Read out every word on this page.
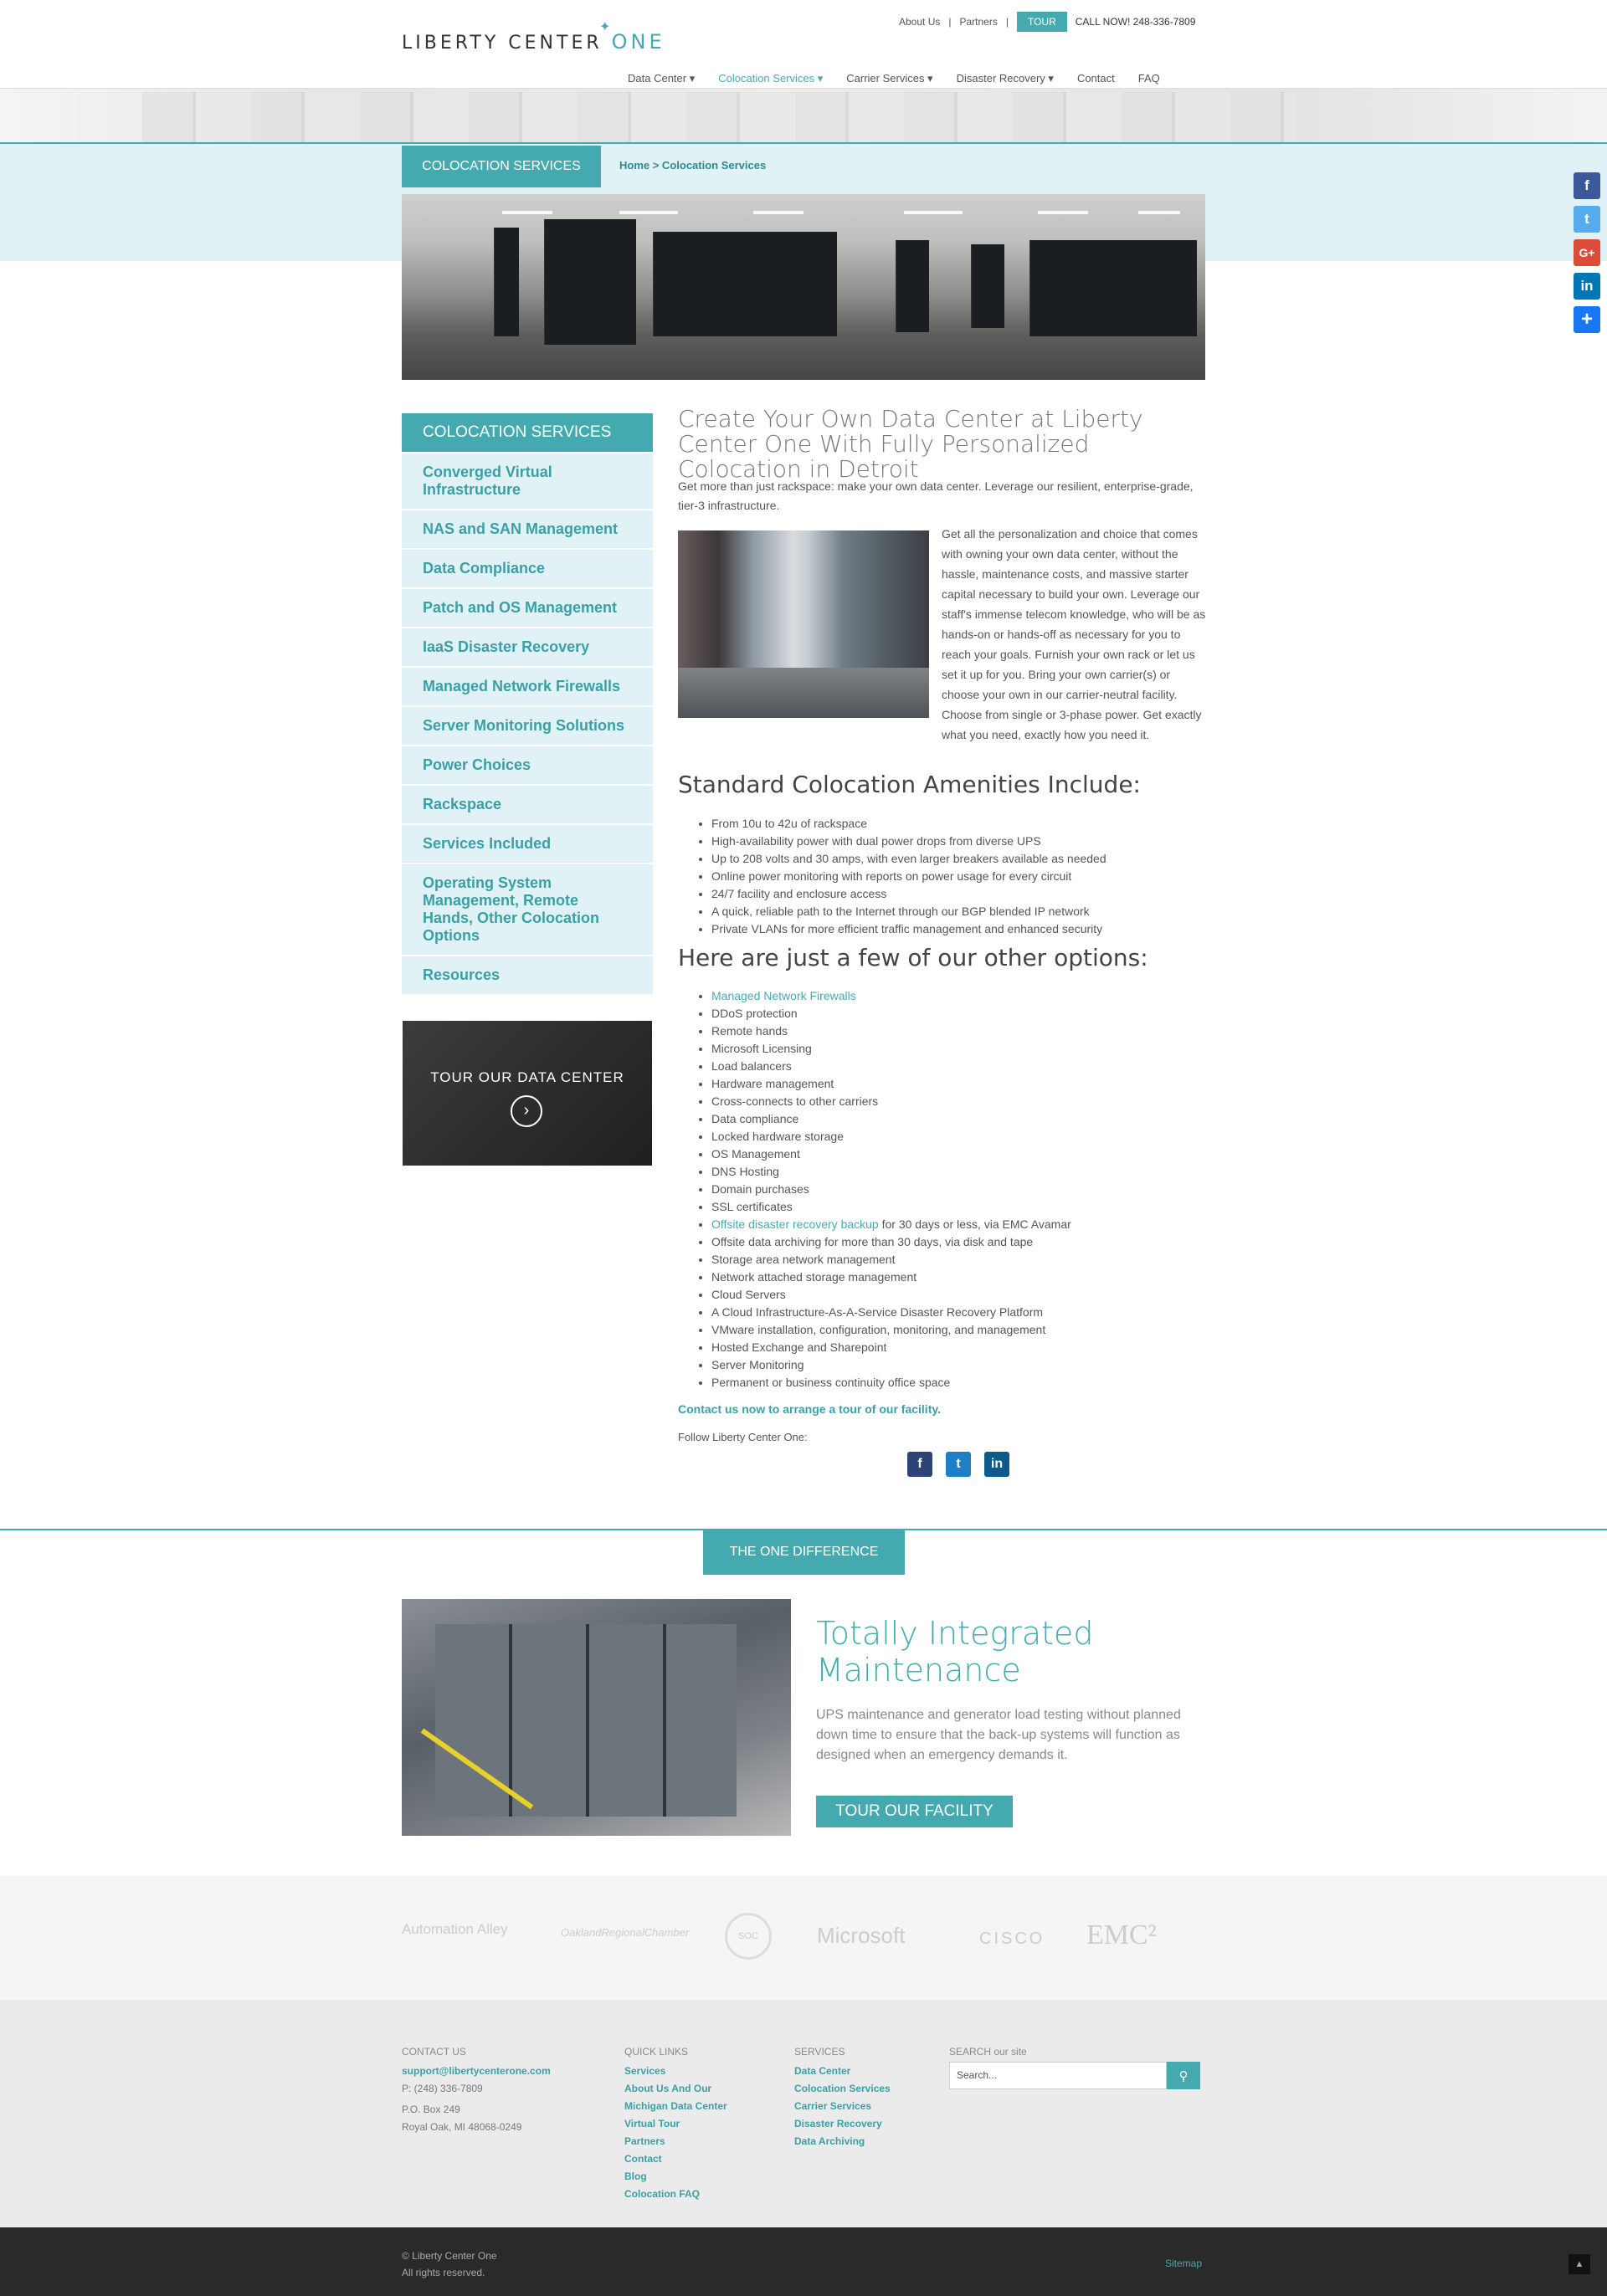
LIBERTY CENTER ONE
✦	About Us | Partners |	TOUR	CALL NOW! 248-336-7809
Data Center ▾ Colocation Services ▾ Carrier Services ▾ Disaster Recovery ▾ Contact FAQ
COLOCATION SERVICES	Home > Colocation Services
COLOCATION SERVICES
Converged Virtual Infrastructure
NAS and SAN Management
Data Compliance
Patch and OS Management
IaaS Disaster Recovery
Managed Network Firewalls
Server Monitoring Solutions
Power Choices
Rackspace
Services Included
Operating System Management, Remote Hands, Other Colocation Options
Resources
TOUR OUR DATA CENTER
›
Create Your Own Data Center at Liberty Center One With Fully Personalized Colocation in Detroit
Get more than just rackspace: make your own data center. Leverage our resilient, enterprise-grade, tier-3 infrastructure.
Get all the personalization and choice that comes with owning your own data center, without the hassle, maintenance costs, and massive starter capital necessary to build your own. Leverage our staff's immense telecom knowledge, who will be as hands-on or hands-off as necessary for you to reach your goals. Furnish your own rack or let us set it up for you. Bring your own carrier(s) or choose your own in our carrier-neutral facility. Choose from single or 3-phase power. Get exactly what you need, exactly how you need it.
Standard Colocation Amenities Include:
• From 10u to 42u of rackspace
• High-availability power with dual power drops from diverse UPS
• Up to 208 volts and 30 amps, with even larger breakers available as needed
• Online power monitoring with reports on power usage for every circuit
• 24/7 facility and enclosure access
• A quick, reliable path to the Internet through our BGP blended IP network
• Private VLANs for more efficient traffic management and enhanced security
Here are just a few of our other options:
• Managed Network Firewalls
• DDoS protection
• Remote hands
• Microsoft Licensing
• Load balancers
• Hardware management
• Cross-connects to other carriers
• Data compliance
• Locked hardware storage
• OS Management
• DNS Hosting
• Domain purchases
• SSL certificates
• Offsite disaster recovery backup for 30 days or less, via EMC Avamar
• Offsite data archiving for more than 30 days, via disk and tape
• Storage area network management
• Network attached storage management
• Cloud Servers
• A Cloud Infrastructure-As-A-Service Disaster Recovery Platform
• VMware installation, configuration, monitoring, and management
• Hosted Exchange and Sharepoint
• Server Monitoring
• Permanent or business continuity office space
Contact us now to arrange a tour of our facility.
Follow Liberty Center One:
f	t	in
THE ONE DIFFERENCE
Totally Integrated Maintenance
UPS maintenance and generator load testing without planned down time to ensure that the back-up systems will function as designed when an emergency demands it.
TOUR OUR FACILITY
Automation Alley	OaklandRegionalChamber	SOC	Microsoft	CISCO EMC²
CONTACT US
support@libertycenterone.com
P: (248) 336-7809
P.O. Box 249
Royal Oak, MI 48068-0249
QUICK LINKS
Services
About Us And Our
Michigan Data Center
Virtual Tour
Partners
Contact
Blog
Colocation FAQ
SERVICES
Data Center
Colocation Services
Carrier Services
Disaster Recovery
Data Archiving
SEARCH our site
Search...	⚲
© Liberty Center One
All rights reserved.
Sitemap	▲
f
t
G+
in
+
